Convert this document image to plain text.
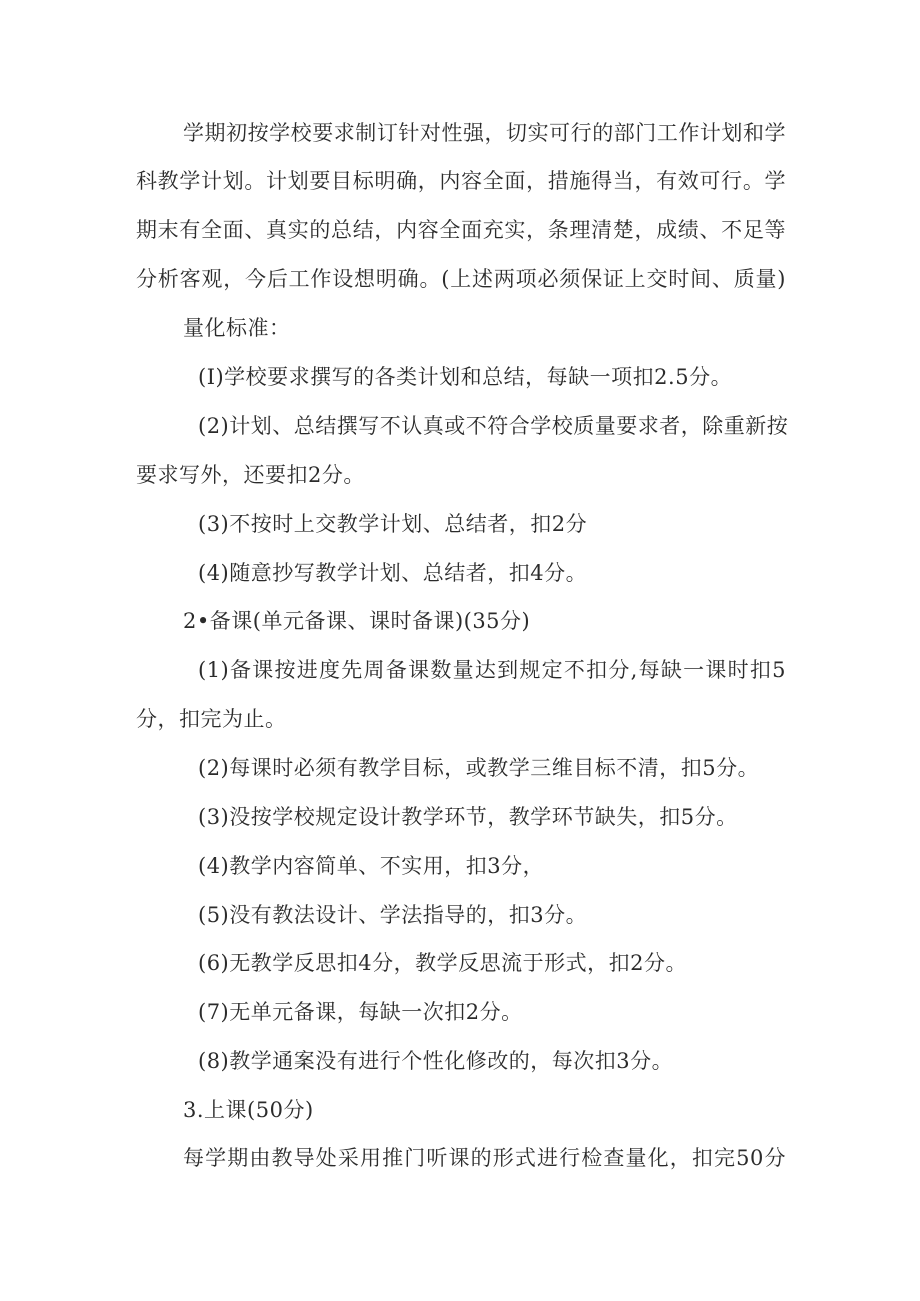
学期初按学校要求制订针对性强，切实可行的部门工作计划和学
科教学计划。计划要目标明确，内容全面，措施得当，有效可行。学
期末有全面、真实的总结，内容全面充实，条理清楚，成绩、不足等
分析客观，今后工作设想明确。(上述两项必须保证上交时间、质量)
量化标准：
(I)学校要求撰写的各类计划和总结，每缺一项扣2.5分。
(2)计划、总结撰写不认真或不符合学校质量要求者，除重新按
要求写外，还要扣2分。
(3)不按时上交教学计划、总结者，扣2分
(4)随意抄写教学计划、总结者，扣4分。
2•备课(单元备课、课时备课)(35分)
(1)备课按进度先周备课数量达到规定不扣分,每缺一课时扣5
分，扣完为止。
(2)每课时必须有教学目标，或教学三维目标不清，扣5分。
(3)没按学校规定设计教学环节，教学环节缺失，扣5分。
(4)教学内容简单、不实用，扣3分，
(5)没有教法设计、学法指导的，扣3分。
(6)无教学反思扣4分，教学反思流于形式，扣2分。
(7)无单元备课，每缺一次扣2分。
(8)教学通案没有进行个性化修改的，每次扣3分。
3.上课(50分)
每学期由教导处采用推门听课的形式进行检查量化，扣完50分
